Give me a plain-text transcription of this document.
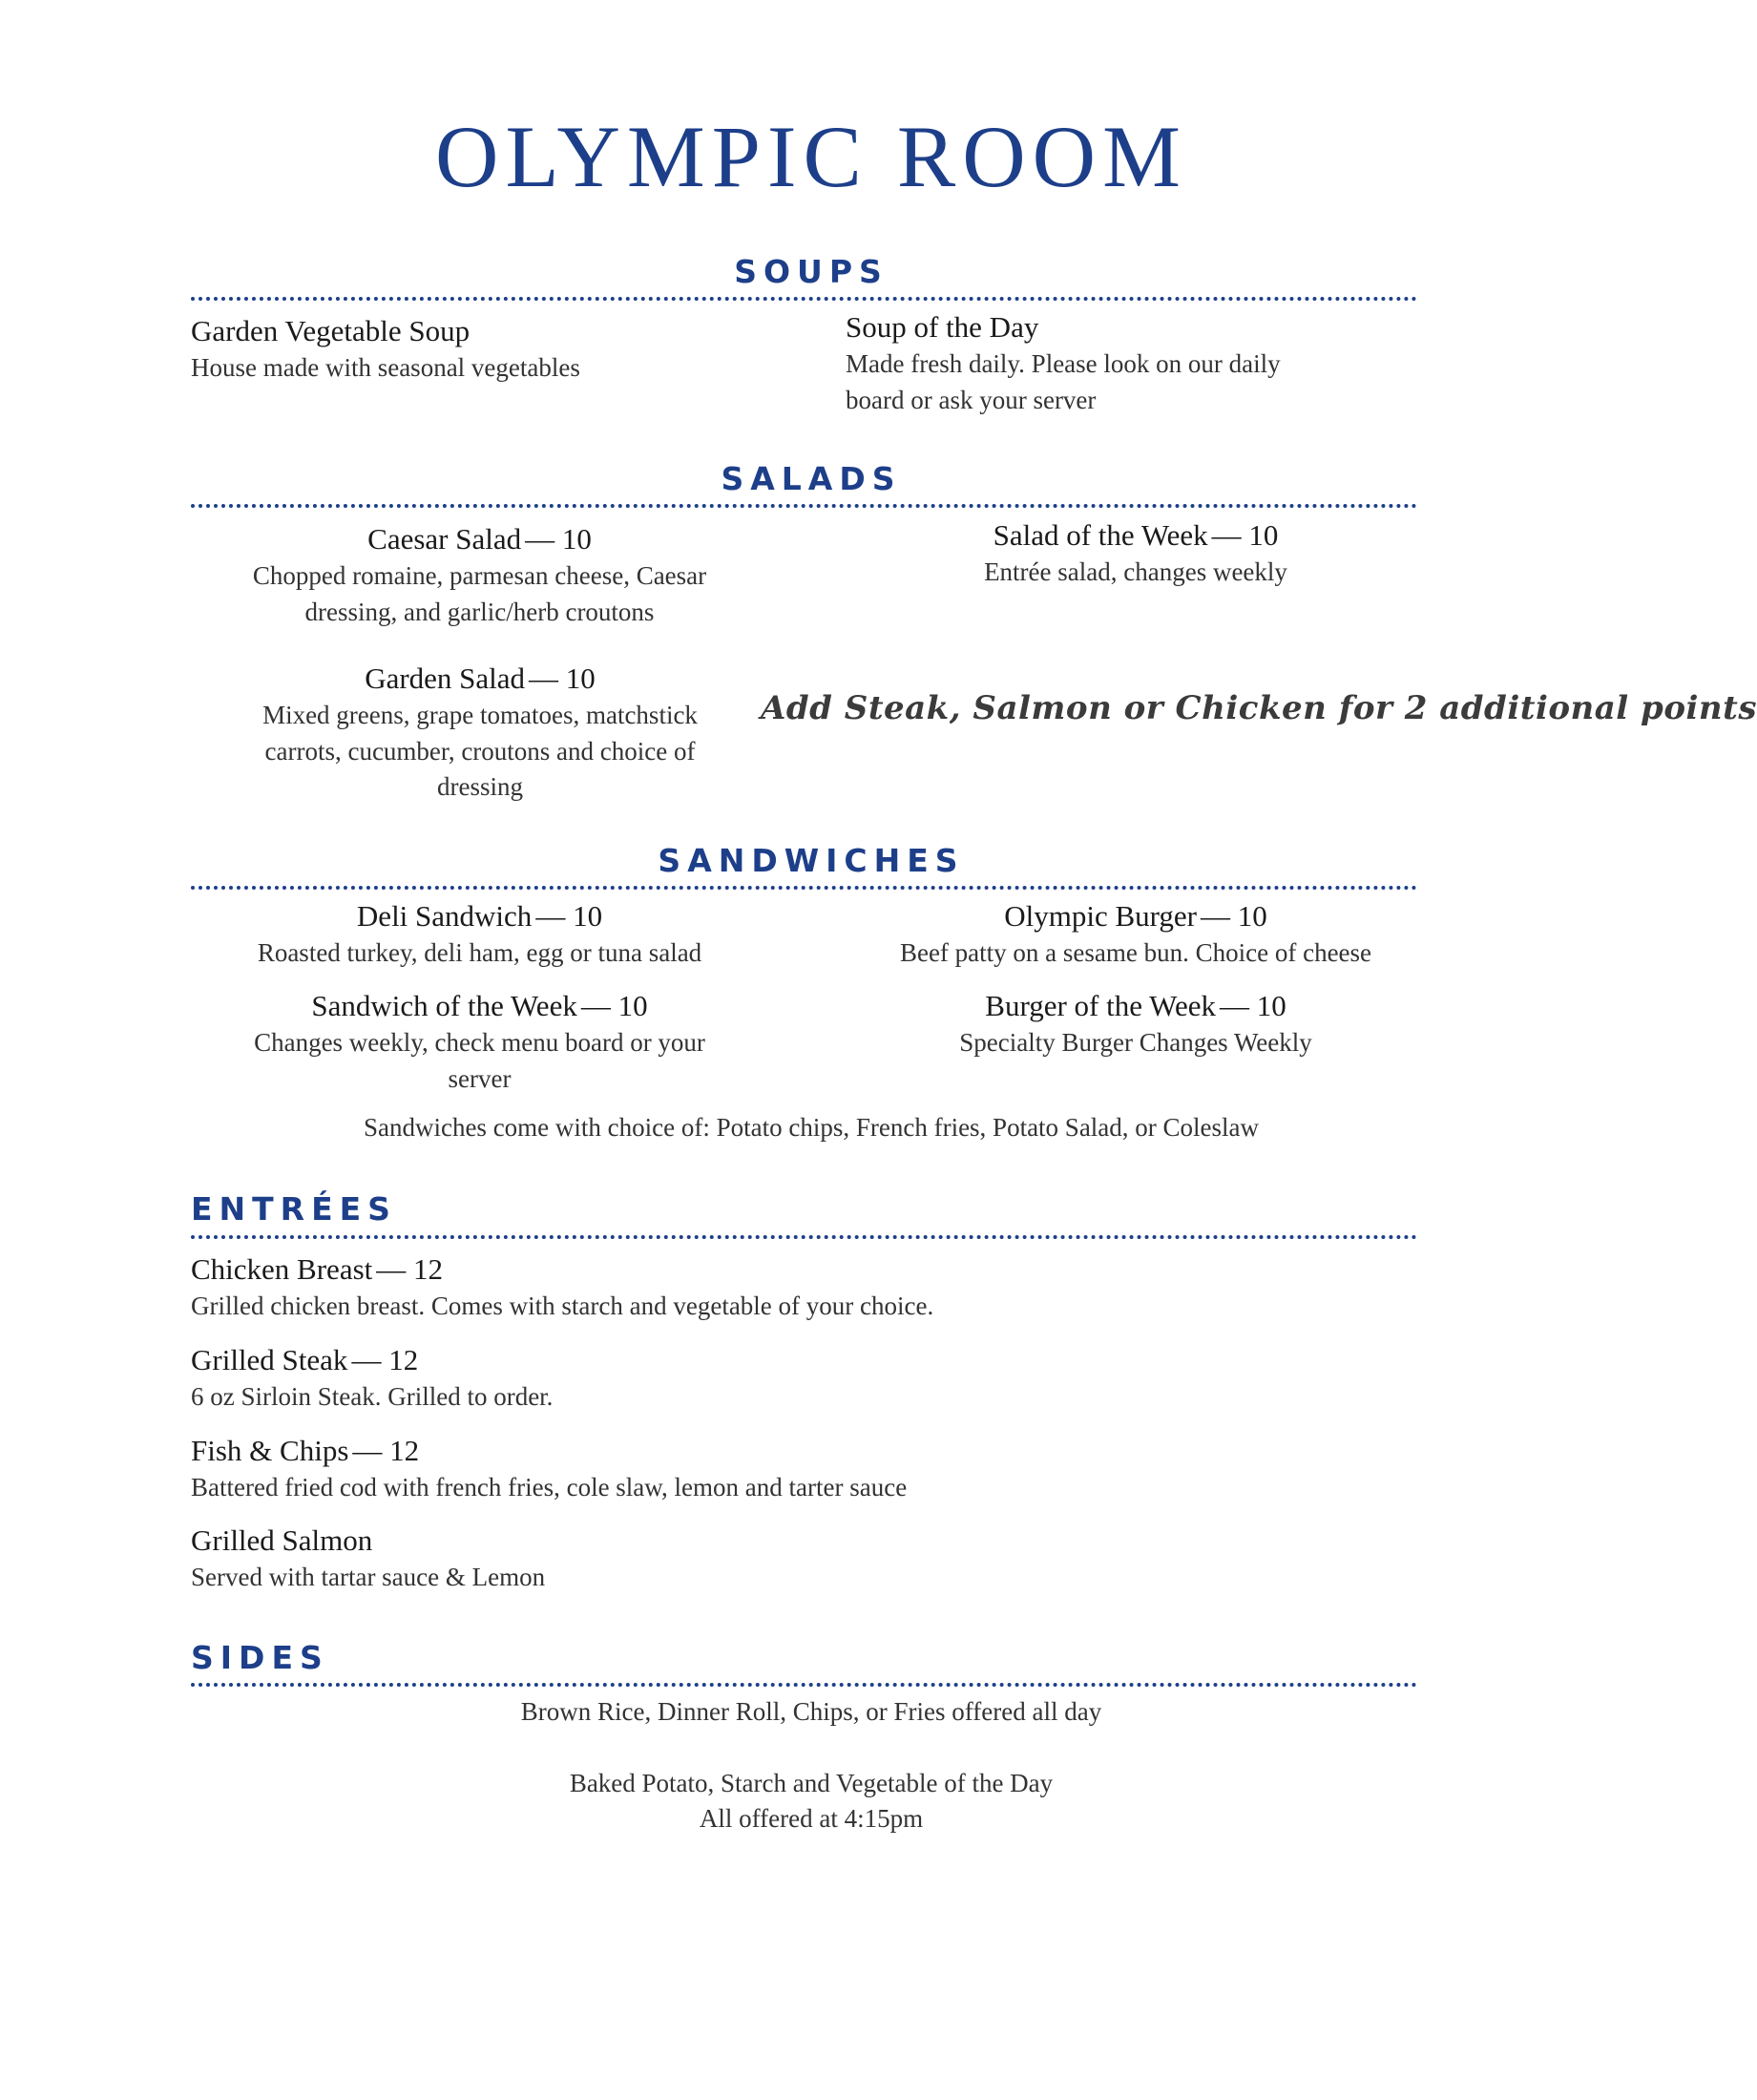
OLYMPIC ROOM
SOUPS
Garden Vegetable Soup
House made with seasonal vegetables
Soup of the Day
Made fresh daily. Please look on our daily board or ask your server
SALADS
Caesar Salad — 10
Chopped romaine, parmesan cheese, Caesar dressing, and garlic/herb croutons
Salad of the Week — 10
Entrée salad, changes weekly
Garden Salad — 10
Mixed greens, grape tomatoes, matchstick carrots, cucumber, croutons and choice of dressing
Add Steak, Salmon or Chicken for 2 additional points
SANDWICHES
Deli Sandwich — 10
Roasted turkey, deli ham, egg or tuna salad
Olympic Burger — 10
Beef patty on a sesame bun. Choice of cheese
Sandwich of the Week — 10
Changes weekly, check menu board or your server
Burger of the Week — 10
Specialty Burger Changes Weekly
Sandwiches come with choice of: Potato chips, French fries, Potato Salad, or Coleslaw
ENTRÉES
Chicken Breast — 12
Grilled chicken breast. Comes with starch and vegetable of your choice.
Grilled Steak — 12
6 oz Sirloin Steak. Grilled to order.
Fish & Chips — 12
Battered fried cod with french fries, cole slaw, lemon and tarter sauce
Grilled Salmon
Served with tartar sauce & Lemon
SIDES
Brown Rice, Dinner Roll, Chips, or Fries offered all day
Baked Potato, Starch and Vegetable of the Day
All offered at 4:15pm
